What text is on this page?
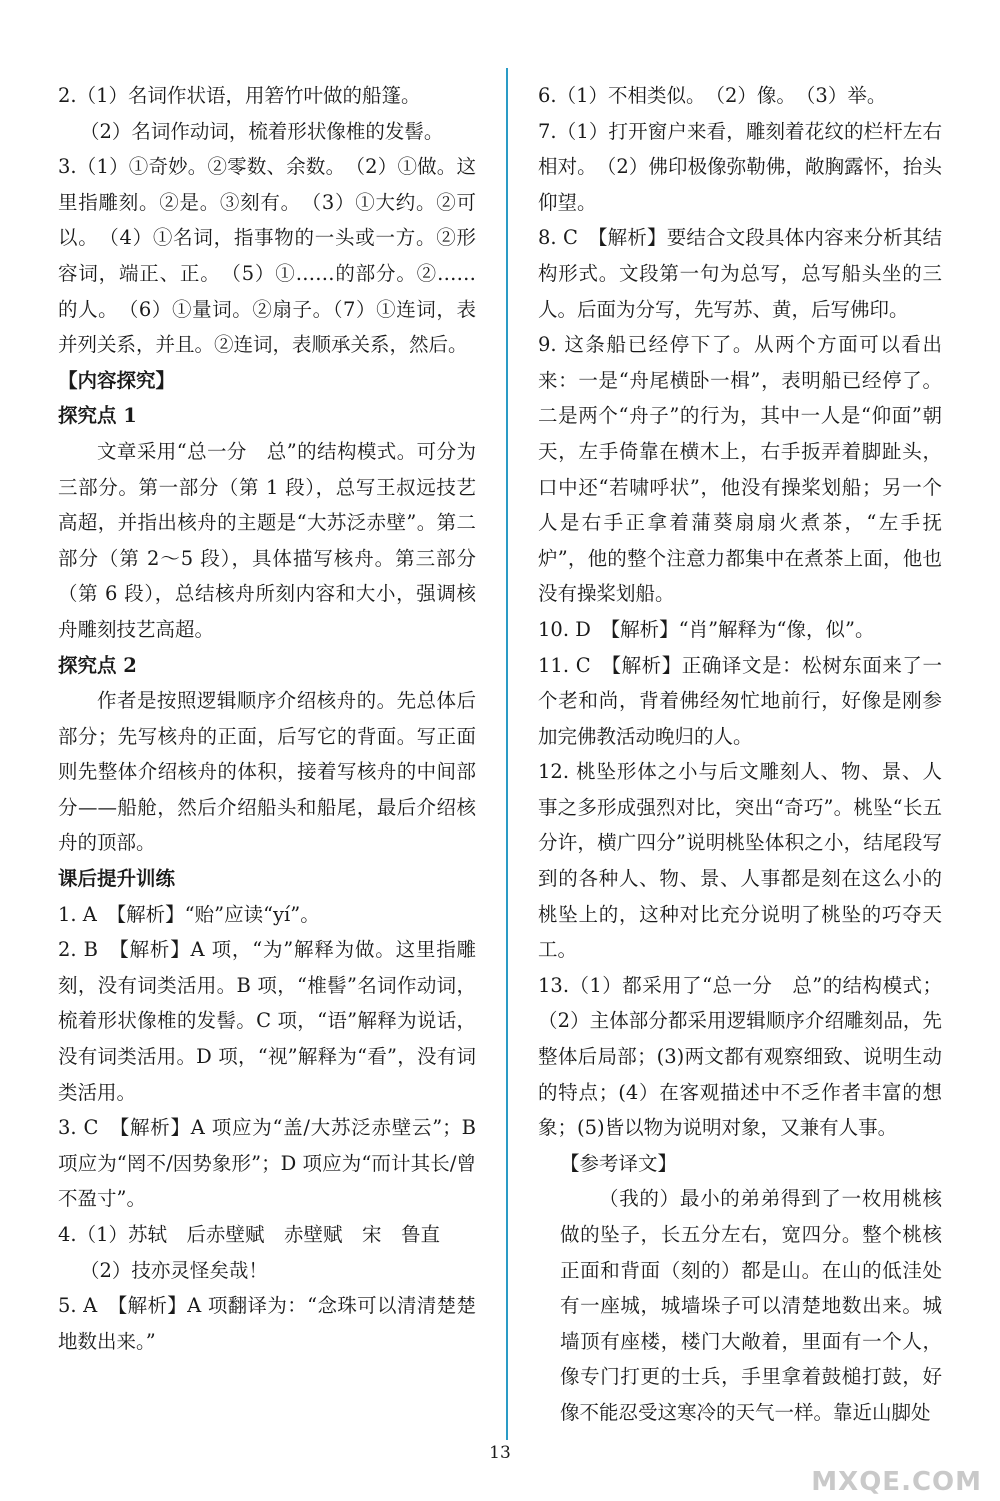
2.（1）名词作状语，用箬竹叶做的船篷。

（2）名词作动词，梳着形状像椎的发髻。

3.（1）①奇妙。②零数、余数。　（2）①做。这里指雕刻。②是。③刻有。　（3）①大约。②可以。　（4）①名词，指事物的一头或一方。②形容词，端正、正。　（5）①……的部分。②……的人。　（6）①量词。②扇子。（7）①连词，表并列关系，并且。②连词，表顺承关系，然后。

【内容探究】

探究点 1

文章采用“总一分　总”的结构模式。可分为三部分。第一部分（第 1 段），总写王叔远技艺高超，并指出核舟的主题是“大苏泛赤壁”。第二部分（第 2～5 段），具体描写核舟。第三部分（第 6 段），总结核舟所刻内容和大小，强调核舟雕刻技艺高超。

探究点 2

作者是按照逻辑顺序介绍核舟的。先总体后部分；先写核舟的正面，后写它的背面。写正面则先整体介绍核舟的体积，接着写核舟的中间部分——船舱，然后介绍船头和船尾，最后介绍核舟的顶部。

课后提升训练

1. A　【解析】“贻”应读“yí”。

2. B　【解析】A 项，“为”解释为做。这里指雕刻，没有词类活用。B 项，“椎髻”名词作动词，梳着形状像椎的发髻。C 项，“语”解释为说话，没有词类活用。D 项，“视”解释为“看”，没有词类活用。

3. C　【解析】A 项应为“盖/大苏泛赤壁云”；B 项应为“罔不/因势象形”；D 项应为“而计其长/曾不盈寸”。

4.（1）苏轼　后赤壁赋　赤壁赋　宋　鲁直

（2）技亦灵怪矣哉！

5. A　【解析】A 项翻译为：“念珠可以清清楚楚地数出来。”

6.（1）不相类似。　（2）像。　（3）举。

7.（1）打开窗户来看，雕刻着花纹的栏杆左右相对。　（2）佛印极像弥勒佛，敞胸露怀，抬头仰望。

8. C　【解析】要结合文段具体内容来分析其结构形式。文段第一句为总写，总写船头坐的三人。后面为分写，先写苏、黄，后写佛印。

9. 这条船已经停下了。从两个方面可以看出来：一是“舟尾横卧一楫”，表明船已经停了。二是两个“舟子”的行为，其中一人是“仰面”朝天，左手倚靠在横木上，右手扳弄着脚趾头，口中还“若啸呼状”，他没有操桨划船；另一个人是右手正拿着蒲葵扇扇火煮茶，“左手抚炉”，他的整个注意力都集中在煮茶上面，他也没有操桨划船。

10. D　【解析】“肖”解释为“像，似”。

11. C　【解析】正确译文是：松树东面来了一个老和尚，背着佛经匆忙地前行，好像是刚参加完佛教活动晚归的人。

12. 桃坠形体之小与后文雕刻人、物、景、人事之多形成强烈对比，突出“奇巧”。桃坠“长五分许，横广四分”说明桃坠体积之小，结尾段写到的各种人、物、景、人事都是刻在这么小的桃坠上的，这种对比充分说明了桃坠的巧夺天工。

13.（1）都采用了“总一分　总”的结构模式；（2）主体部分都采用逻辑顺序介绍雕刻品，先整体后局部；(3)两文都有观察细致、说明生动的特点；(4）在客观描述中不乏作者丰富的想象；(5)皆以物为说明对象，又兼有人事。

【参考译文】

（我的）最小的弟弟得到了一枚用桃核做的坠子，长五分左右，宽四分。整个桃核正面和背面（刻的）都是山。在山的低洼处有一座城，城墙垛子可以清楚地数出来。城墙顶有座楼，楼门大敞着，里面有一个人，像专门打更的士兵，手里拿着鼓槌打鼓，好像不能忍受这寒冷的天气一样。靠近山脚处

13
MXQE.COM
